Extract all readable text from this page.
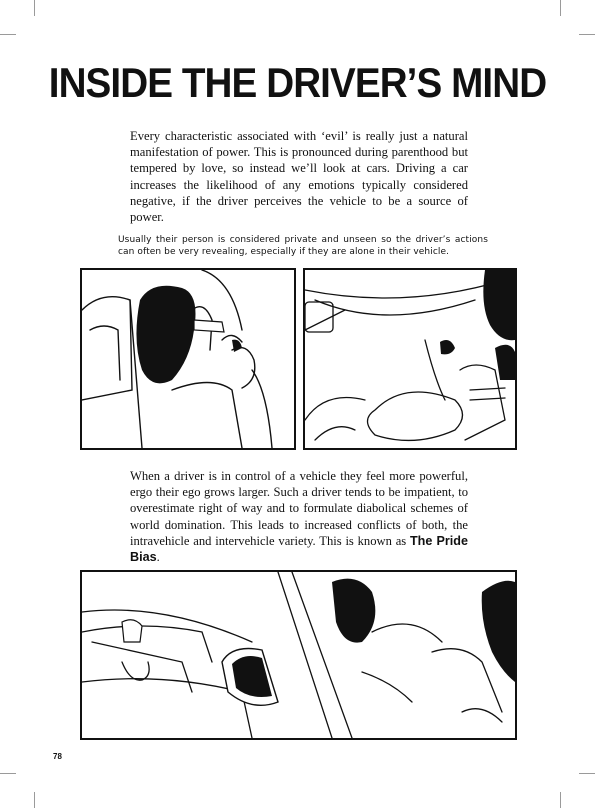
INSIDE THE DRIVER’S MIND

Every characteristic associated with ‘evil’ is really just a natural manifestation of power. This is pronounced during parenthood but tempered by love, so instead we’ll look at cars. Driving a car increases the likelihood of any emotions typically considered negative, if the driver perceives the vehicle to be a source of power.

Usually their person is considered private and unseen so the driver’s actions can often be very revealing, especially if they are alone in their vehicle.

When a driver is in control of a vehicle they feel more powerful, ergo their ego grows larger. Such a driver tends to be impatient, to overestimate right of way and to formulate diabolical schemes of world domination. This leads to increased conflicts of both, the intravehicle and intervehicle variety. This is known as The Pride Bias.

78
